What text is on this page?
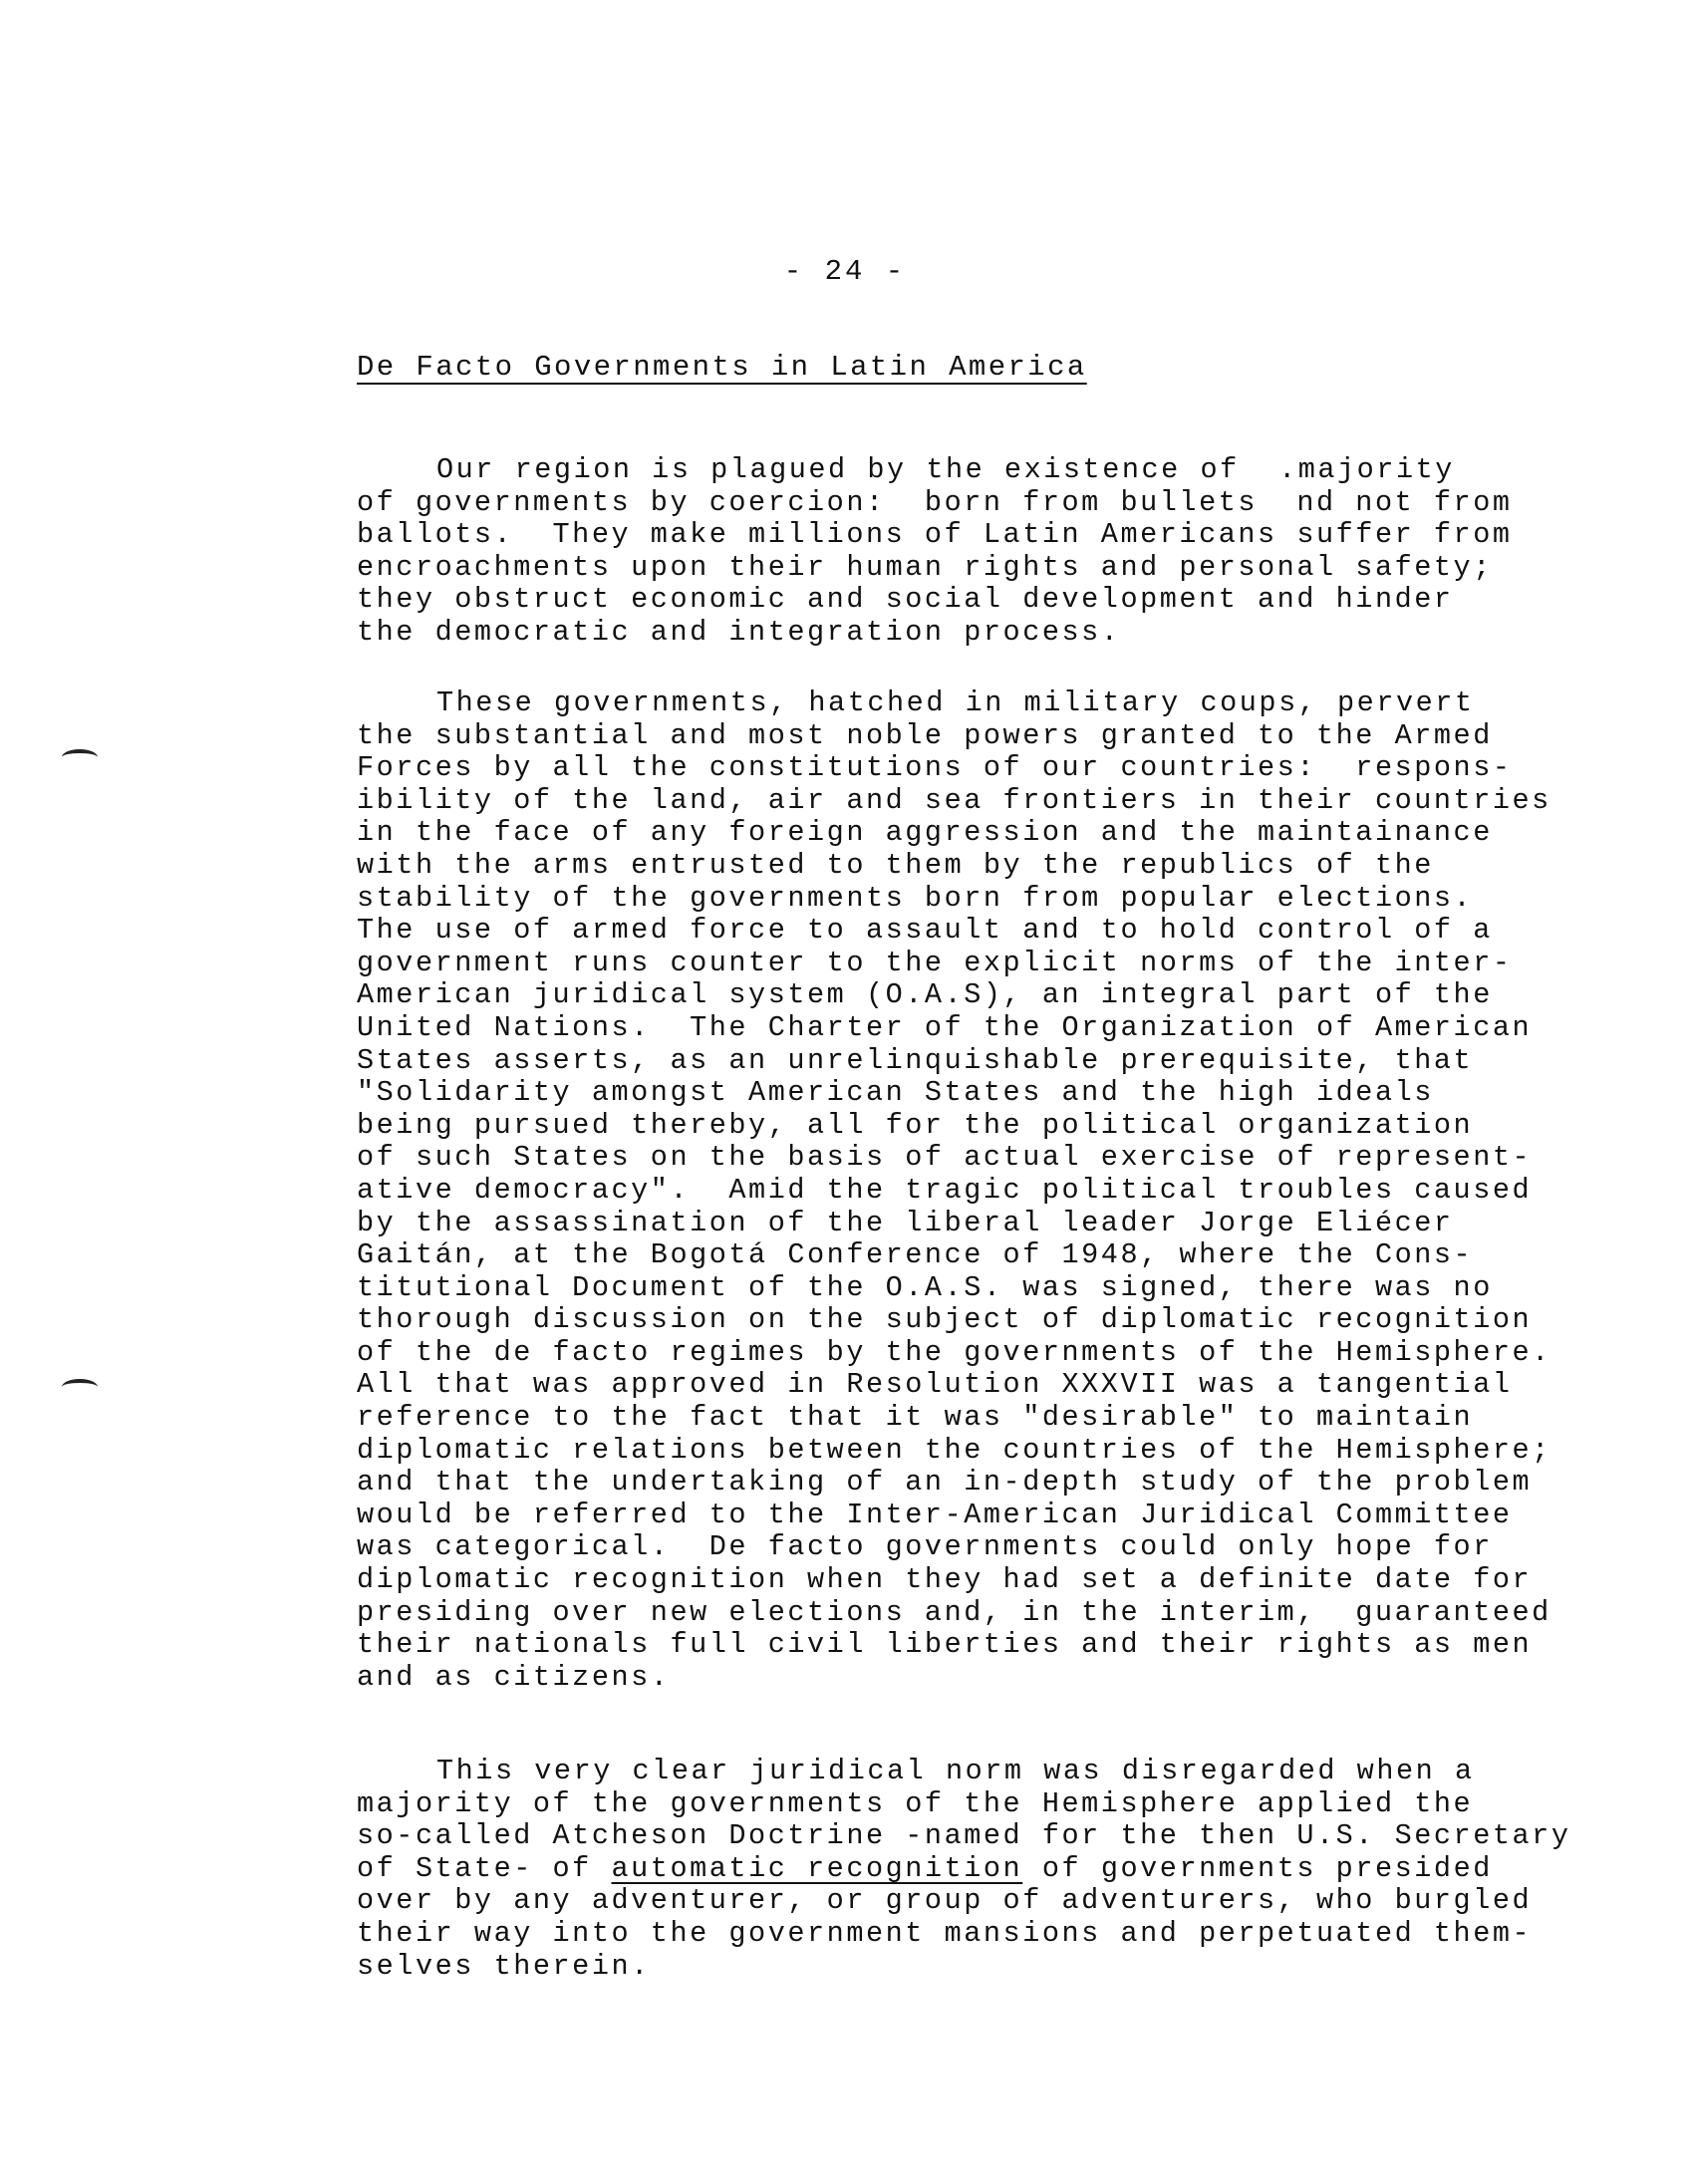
- 24 -
De Facto Governments in Latin America
Our region is plagued by the existence of  .majority
of governments by coercion:  born from bullets  nd not from
ballots.  They make millions of Latin Americans suffer from
encroachments upon their human rights and personal safety;
they obstruct economic and social development and hinder
the democratic and integration process.
These governments, hatched in military coups, pervert
the substantial and most noble powers granted to the Armed
Forces by all the constitutions of our countries:  respons-
ibility of the land, air and sea frontiers in their countries
in the face of any foreign aggression and the maintainance
with the arms entrusted to them by the republics of the
stability of the governments born from popular elections.
The use of armed force to assault and to hold control of a
government runs counter to the explicit norms of the inter-
American juridical system (O.A.S), an integral part of the
United Nations.  The Charter of the Organization of American
States asserts, as an unrelinquishable prerequisite, that
"Solidarity amongst American States and the high ideals
being pursued thereby, all for the political organization
of such States on the basis of actual exercise of represent-
ative democracy".  Amid the tragic political troubles caused
by the assassination of the liberal leader Jorge Eliécer
Gaitán, at the Bogotá Conference of 1948, where the Cons-
titutional Document of the O.A.S. was signed, there was no
thorough discussion on the subject of diplomatic recognition
of the de facto regimes by the governments of the Hemisphere.
All that was approved in Resolution XXXVII was a tangential
reference to the fact that it was "desirable" to maintain
diplomatic relations between the countries of the Hemisphere;
and that the undertaking of an in-depth study of the problem
would be referred to the Inter-American Juridical Committee
was categorical.  De facto governments could only hope for
diplomatic recognition when they had set a definite date for
presiding over new elections and, in the interim,  guaranteed
their nationals full civil liberties and their rights as men
and as citizens.
This very clear juridical norm was disregarded when a
majority of the governments of the Hemisphere applied the
so-called Atcheson Doctrine -named for the then U.S. Secretary
of State- of automatic recognition of governments presided
over by any adventurer, or group of adventurers, who burgled
their way into the government mansions and perpetuated them-
selves therein.
